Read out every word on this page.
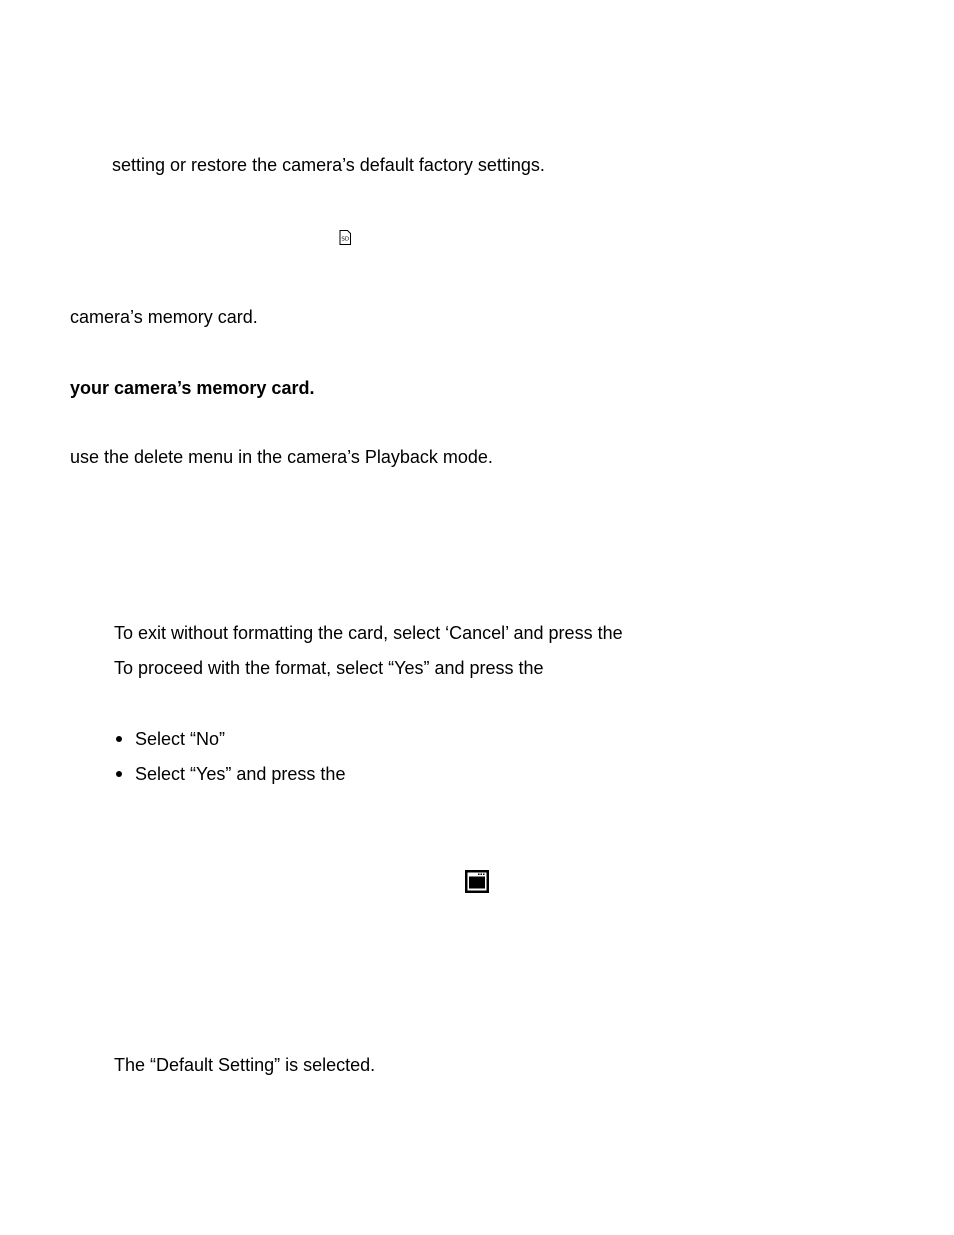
setting or restore the camera’s default factory settings.
SD
camera’s memory card.
your camera’s memory card.
use the delete menu in the camera’s Playback mode.
To exit without formatting the card, select ‘Cancel’ and press the
To proceed with the format, select “Yes” and press the
Select “No”
Select “Yes” and press the
The “Default Setting” is selected.
